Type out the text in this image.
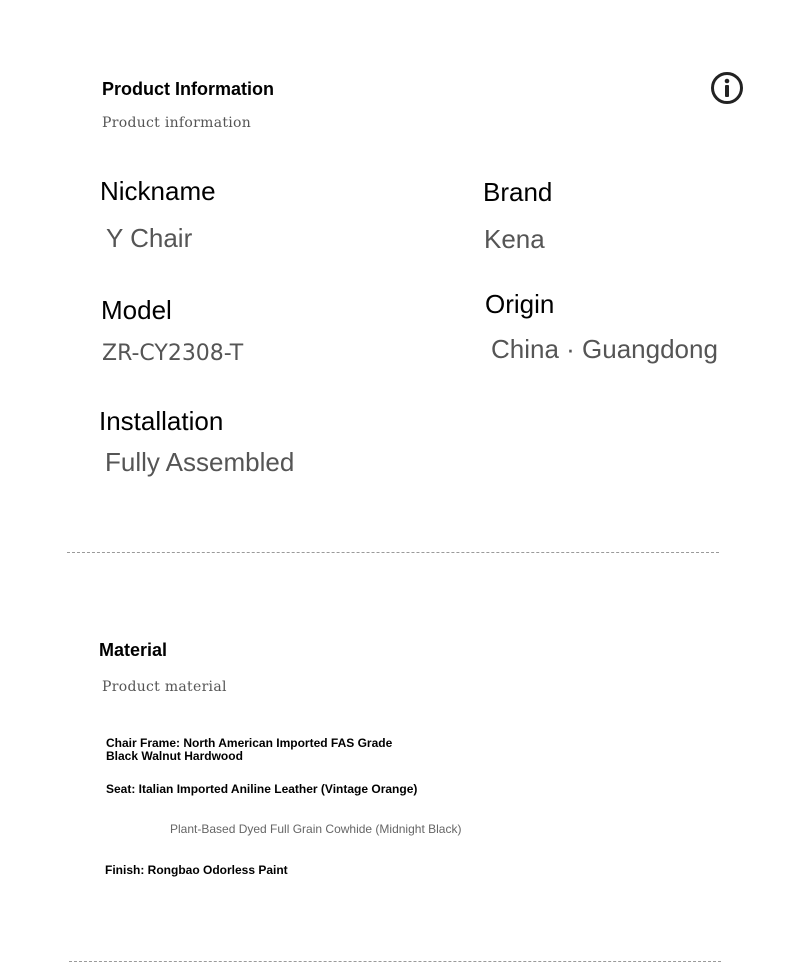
Product Information
Product information
Nickname
Y Chair
Brand
Kena
Model
ZR-CY2308-T
Origin
China · Guangdong
Installation
Fully Assembled
Material
Product material
Chair Frame: North American Imported FAS Grade Black Walnut Hardwood
Seat: Italian Imported Aniline Leather (Vintage Orange)
Plant-Based Dyed Full Grain Cowhide (Midnight Black)
Finish: Rongbao Odorless Paint
